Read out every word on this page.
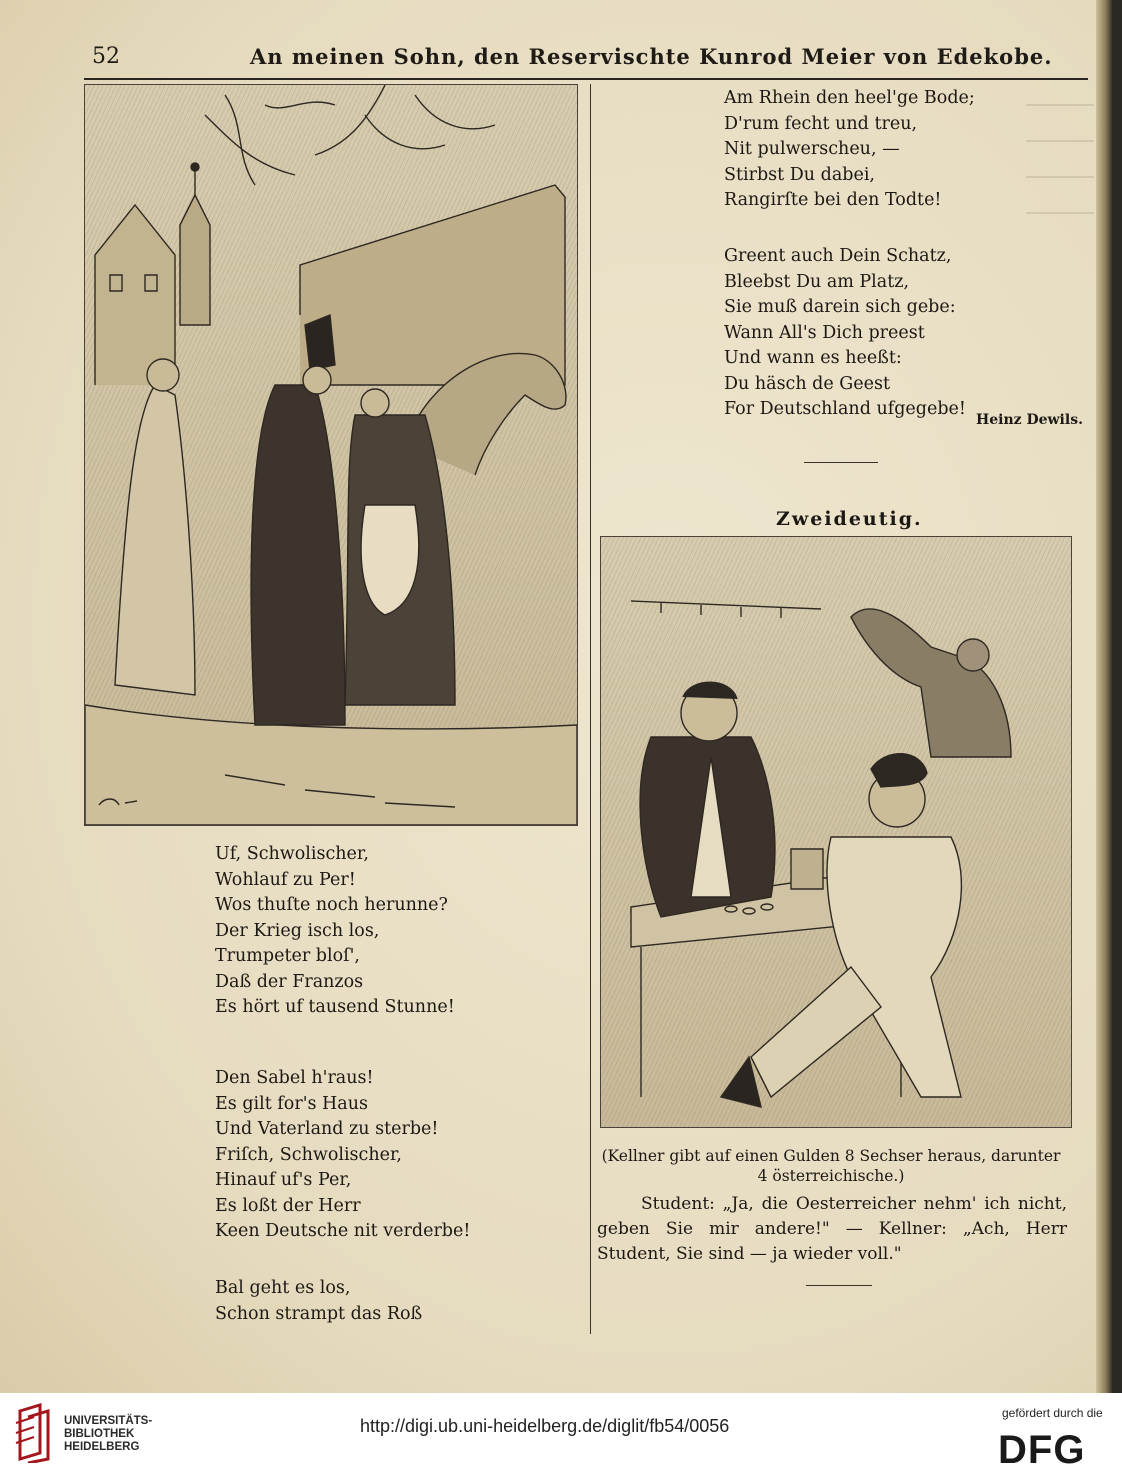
52	An meinen Sohn, den Reservischte Kunrod Meier von Edekobe.
Uf, Schwolischer,
Wohlauf zu Per!
Wos thuſte noch herunne?
Der Krieg isch los,
Trumpeter bloſ',
Daß der Franzos
Es hört uf tausend Stunne!
Den Sabel h'raus!
Es gilt for's Haus
Und Vaterland zu sterbe!
Friſch, Schwolischer,
Hinauf uf's Per,
Es loßt der Herr
Keen Deutsche nit verderbe!
Bal geht es los,
Schon strampt das Roß
Am Rhein den heel'ge Bode;
D'rum fecht und treu,
Nit pulwerscheu, —
Stirbst Du dabei,
Rangirſte bei den Todte!
Greent auch Dein Schatz,
Bleebst Du am Platz,
Sie muß darein sich gebe:
Wann All's Dich preest
Und wann es heeßt:
Du häsch de Geest
For Deutschland ufgegebe!
Heinz Dewils.
Zweideutig.
(Kellner gibt auf einen Gulden 8 Sechser heraus, darunter 4 österreichische.)
Student: „Ja, die Oesterreicher nehm' ich nicht, geben Sie mir andere!" — Kellner: „Ach, Herr Student, Sie sind — ja wieder voll."
UNIVERSITÄTS-
BIBLIOTHEK
HEIDELBERG
http://digi.ub.uni-heidelberg.de/diglit/fb54/0056
gefördert durch die
DFG
